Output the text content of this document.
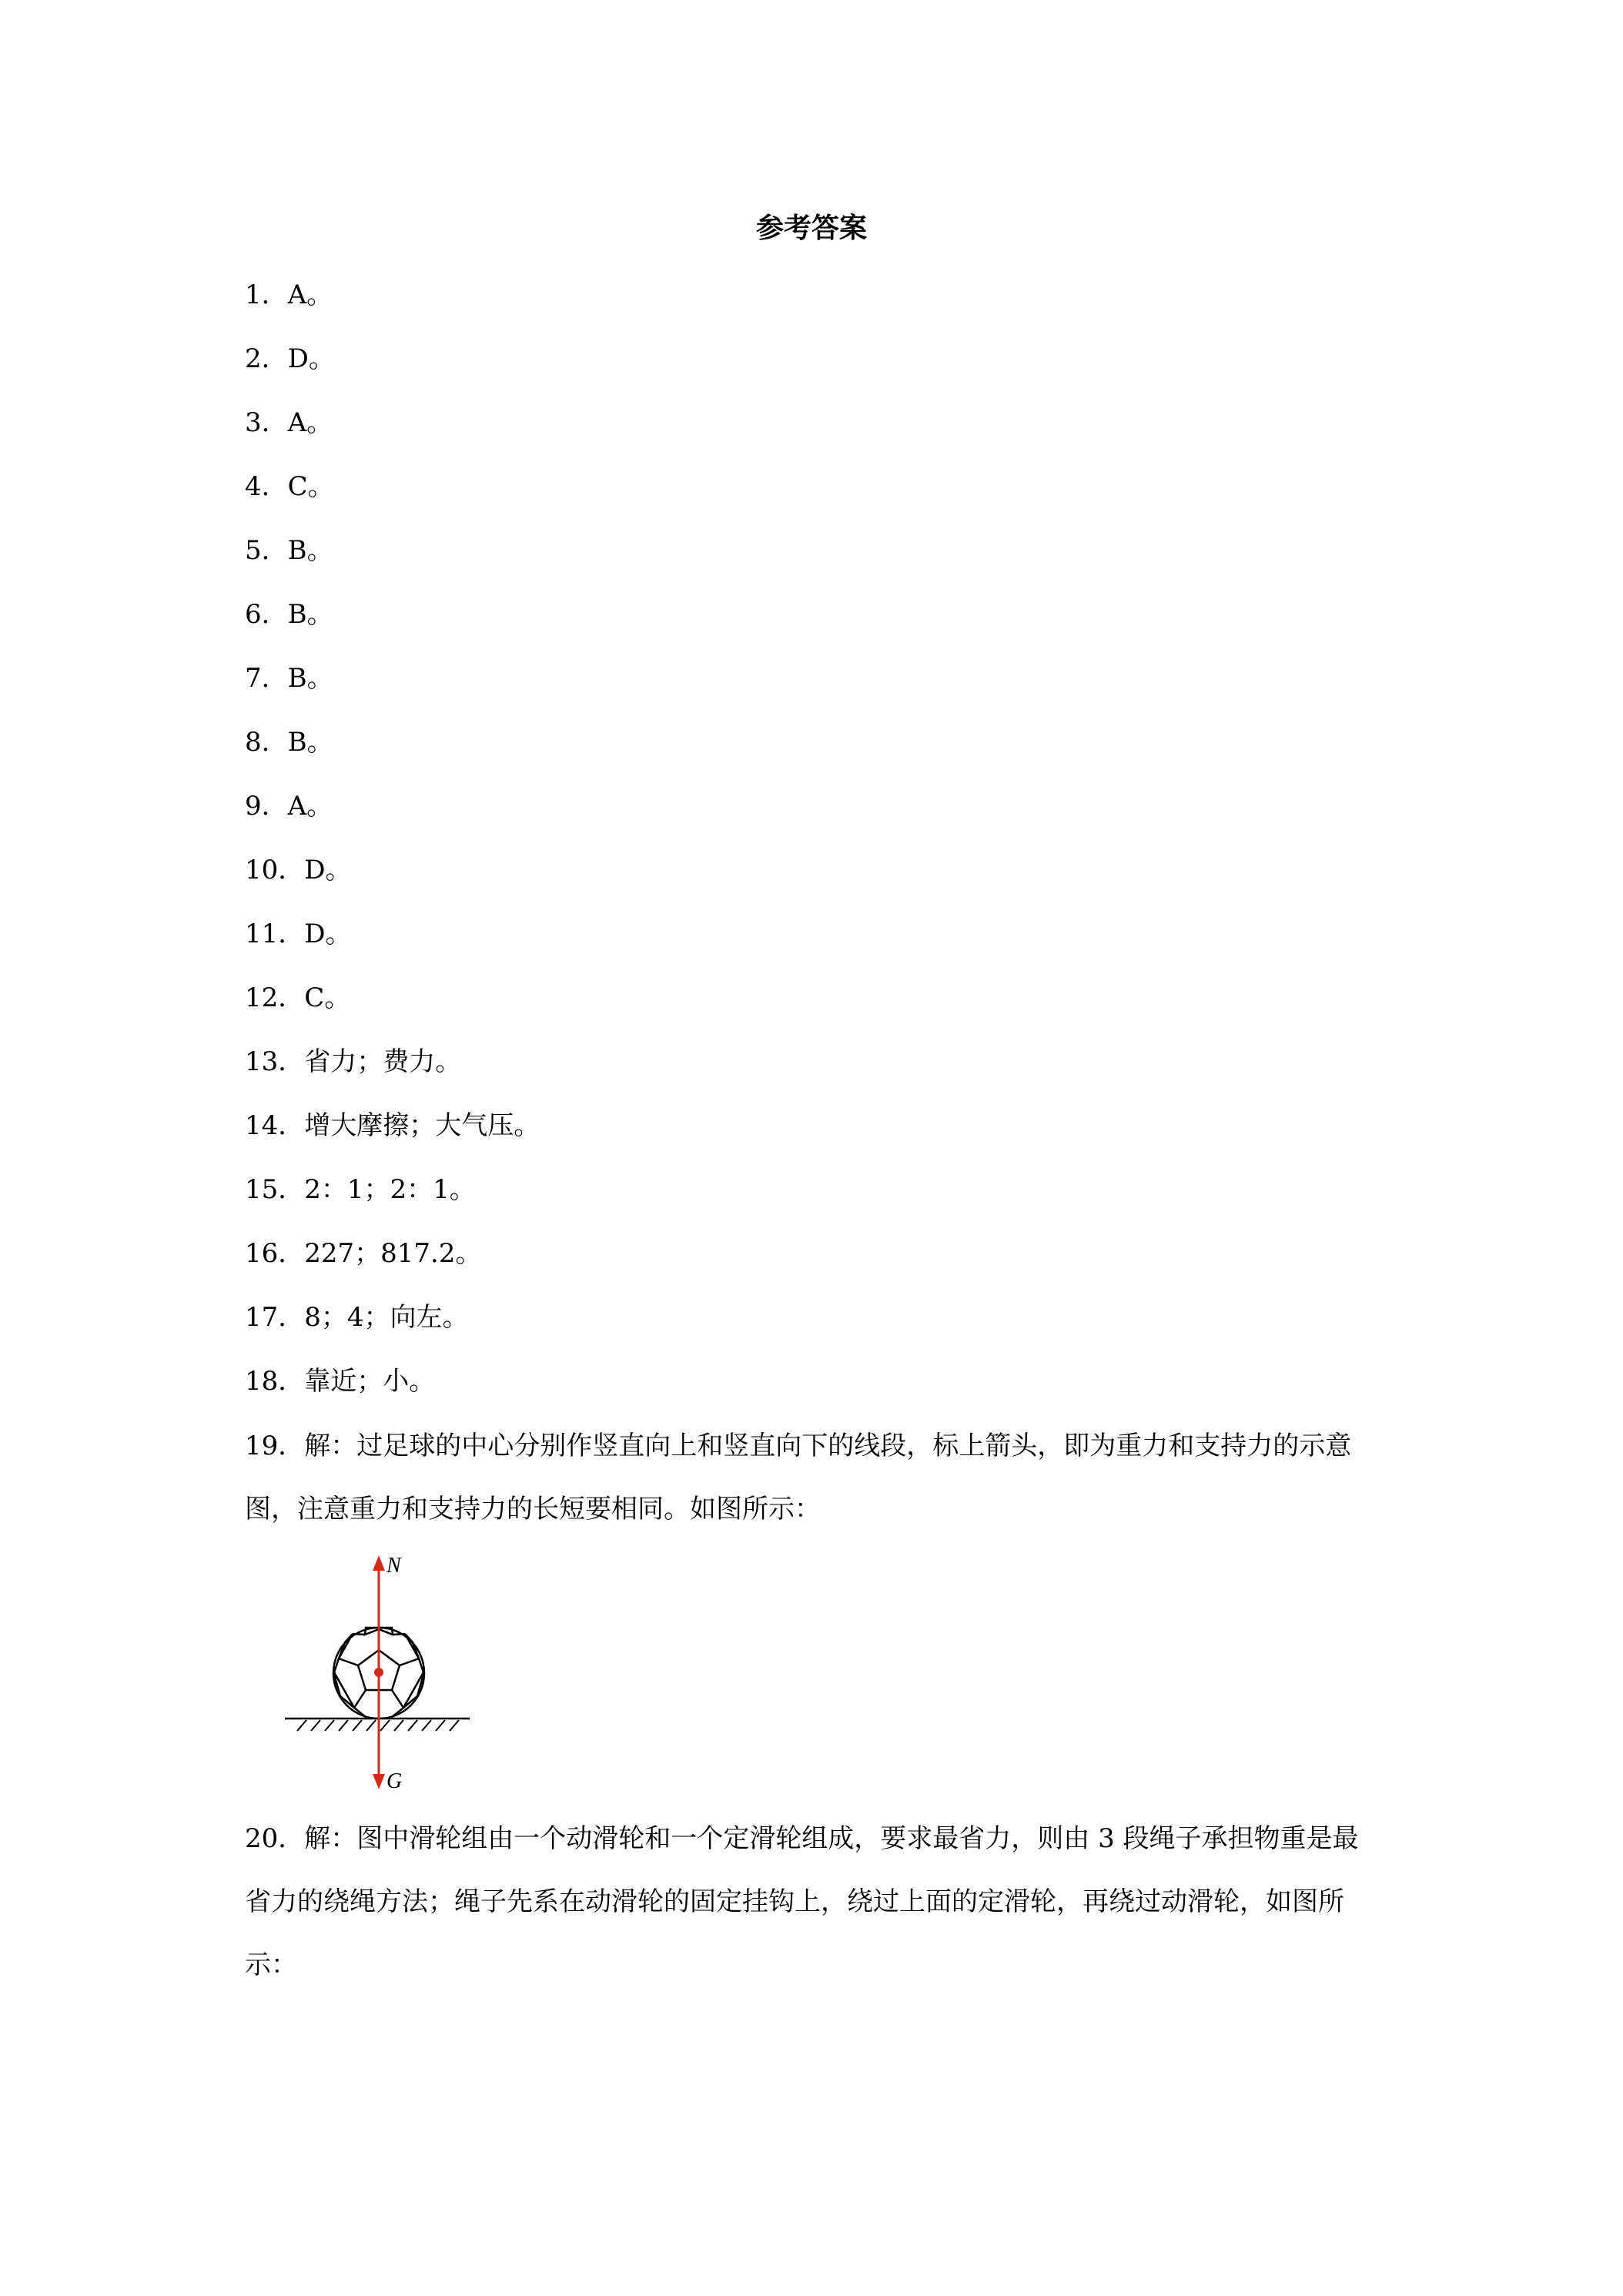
参考答案
1．A。
2．D。
3．A。
4．C。
5．B。
6．B。
7．B。
8．B。
9．A。
10．D。
11．D。
12．C。
13．省力；费力。
14．增大摩擦；大气压。
15．2：1；2：1。
16．227；817.2。
17．8；4；向左。
18．靠近；小。
19．解：过足球的中心分别作竖直向上和竖直向下的线段，标上箭头，即为重力和支持力的示意图，注意重力和支持力的长短要相同。如图所示：
N
G
20．解：图中滑轮组由一个动滑轮和一个定滑轮组成，要求最省力，则由 3 段绳子承担物重是最省力的绕绳方法；绳子先系在动滑轮的固定挂钩上，绕过上面的定滑轮，再绕过动滑轮，如图所示：
